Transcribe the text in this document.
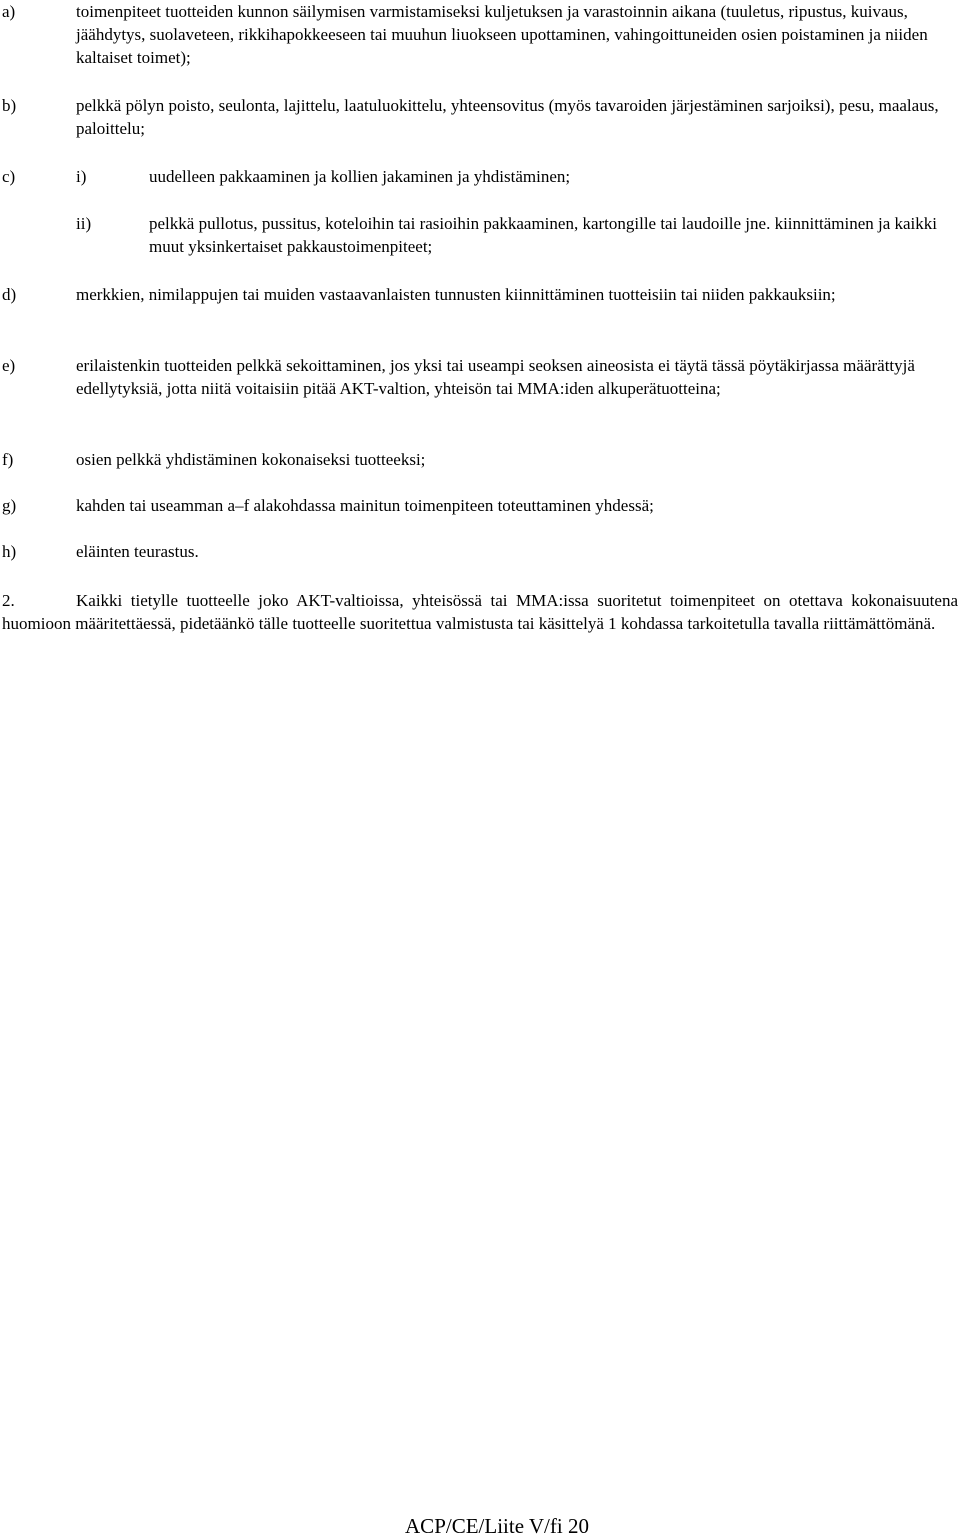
a)	toimenpiteet tuotteiden kunnon säilymisen varmistamiseksi kuljetuksen ja varastoinnin aikana (tuuletus, ripustus, kuivaus, jäähdytys, suolaveteen, rikkihapokkeeseen tai muuhun liuokseen upottaminen, vahingoittuneiden osien poistaminen ja niiden kaltaiset toimet);
b)	pelkkä pölyn poisto, seulonta, lajittelu, laatuluokittelu, yhteensovitus (myös tavaroiden järjestäminen sarjoiksi), pesu, maalaus, paloittelu;
c)	i)	uudelleen pakkaaminen ja kollien jakaminen ja yhdistäminen;
ii)	pelkkä pullotus, pussitus, koteloihin tai rasioihin pakkaaminen, kartongille tai laudoille jne. kiinnittäminen ja kaikki muut yksinkertaiset pakkaustoimenpiteet;
d)	merkkien, nimilappujen tai muiden vastaavanlaisten tunnusten kiinnittäminen tuotteisiin tai niiden pakkauksiin;
e)	erilaistenkin tuotteiden pelkkä sekoittaminen, jos yksi tai useampi seoksen aineosista ei täytä tässä pöytäkirjassa määrättyjä edellytyksiä, jotta niitä voitaisiin pitää AKT-valtion, yhteisön tai MMA:iden alkuperätuotteina;
f)	osien pelkkä yhdistäminen kokonaiseksi tuotteeksi;
g)	kahden tai useamman a–f alakohdassa mainitun toimenpiteen toteuttaminen yhdessä;
h)	eläinten teurastus.
2.	Kaikki tietylle tuotteelle joko AKT-valtioissa, yhteisössä tai MMA:issa suoritetut toimenpiteet on otettava kokonaisuutena huomioon määritettäessä, pidetäänkö tälle tuotteelle suoritettua valmistusta tai käsittelyä 1 kohdassa tarkoitetulla tavalla riittämättömänä.
ACP/CE/Liite V/fi 20
